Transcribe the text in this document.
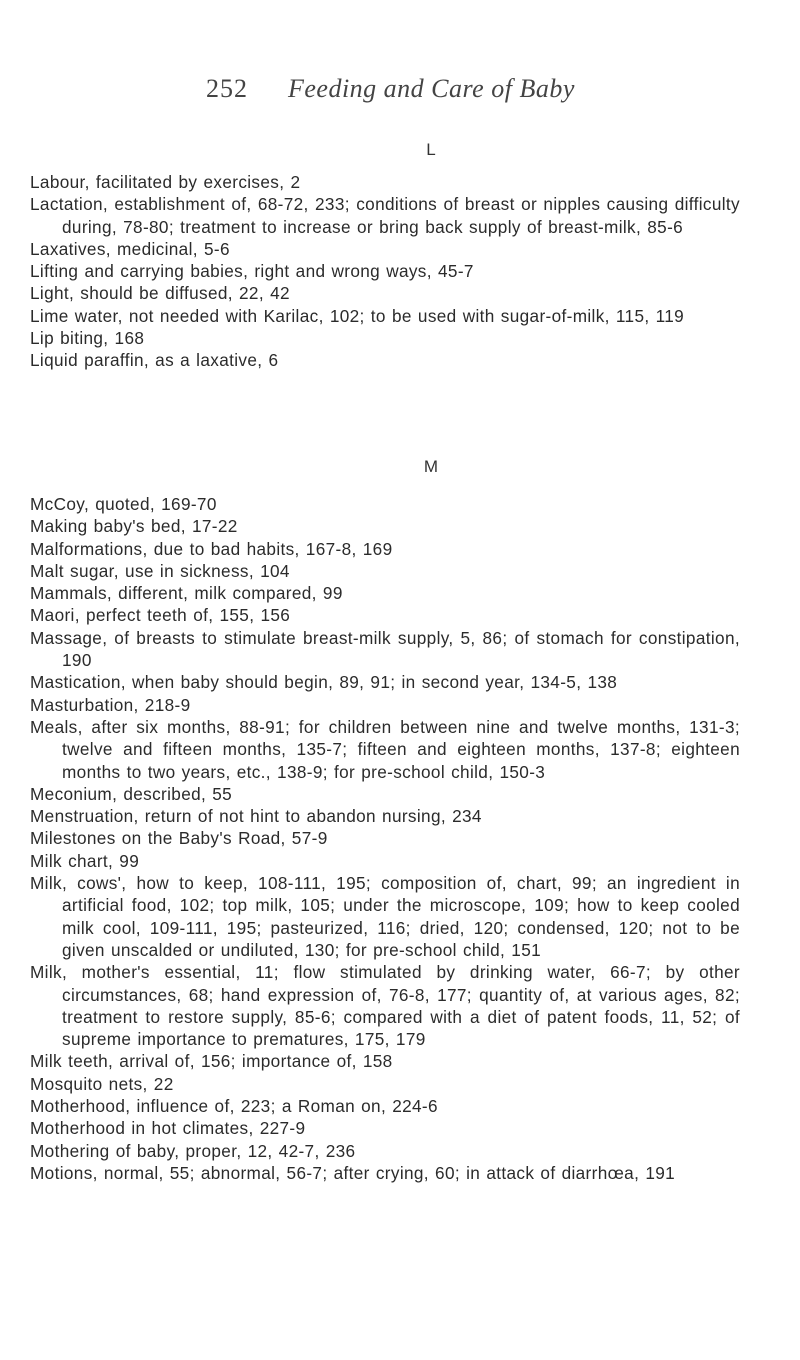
252 Feeding and Care of Baby
L
Labour, facilitated by exercises, 2
Lactation, establishment of, 68-72, 233; conditions of breast or nipples causing difficulty during, 78-80; treatment to increase or bring back supply of breast-milk, 85-6
Laxatives, medicinal, 5-6
Lifting and carrying babies, right and wrong ways, 45-7
Light, should be diffused, 22, 42
Lime water, not needed with Karilac, 102; to be used with sugar-of-milk, 115, 119
Lip biting, 168
Liquid paraffin, as a laxative, 6
M
McCoy, quoted, 169-70
Making baby's bed, 17-22
Malformations, due to bad habits, 167-8, 169
Malt sugar, use in sickness, 104
Mammals, different, milk compared, 99
Maori, perfect teeth of, 155, 156
Massage, of breasts to stimulate breast-milk supply, 5, 86; of stomach for constipation, 190
Mastication, when baby should begin, 89, 91; in second year, 134-5, 138
Masturbation, 218-9
Meals, after six months, 88-91; for children between nine and twelve months, 131-3; twelve and fifteen months, 135-7; fifteen and eighteen months, 137-8; eighteen months to two years, etc., 138-9; for pre-school child, 150-3
Meconium, described, 55
Menstruation, return of not hint to abandon nursing, 234
Milestones on the Baby's Road, 57-9
Milk chart, 99
Milk, cows', how to keep, 108-111, 195; composition of, chart, 99; an ingredient in artificial food, 102; top milk, 105; under the microscope, 109; how to keep cooled milk cool, 109-111, 195; pasteurized, 116; dried, 120; condensed, 120; not to be given unscalded or undiluted, 130; for pre-school child, 151
Milk, mother's essential, 11; flow stimulated by drinking water, 66-7; by other circumstances, 68; hand expression of, 76-8, 177; quantity of, at various ages, 82; treatment to restore supply, 85-6; compared with a diet of patent foods, 11, 52; of supreme importance to prematures, 175, 179
Milk teeth, arrival of, 156; importance of, 158
Mosquito nets, 22
Motherhood, influence of, 223; a Roman on, 224-6
Motherhood in hot climates, 227-9
Mothering of baby, proper, 12, 42-7, 236
Motions, normal, 55; abnormal, 56-7; after crying, 60; in attack of diarrhœa, 191
